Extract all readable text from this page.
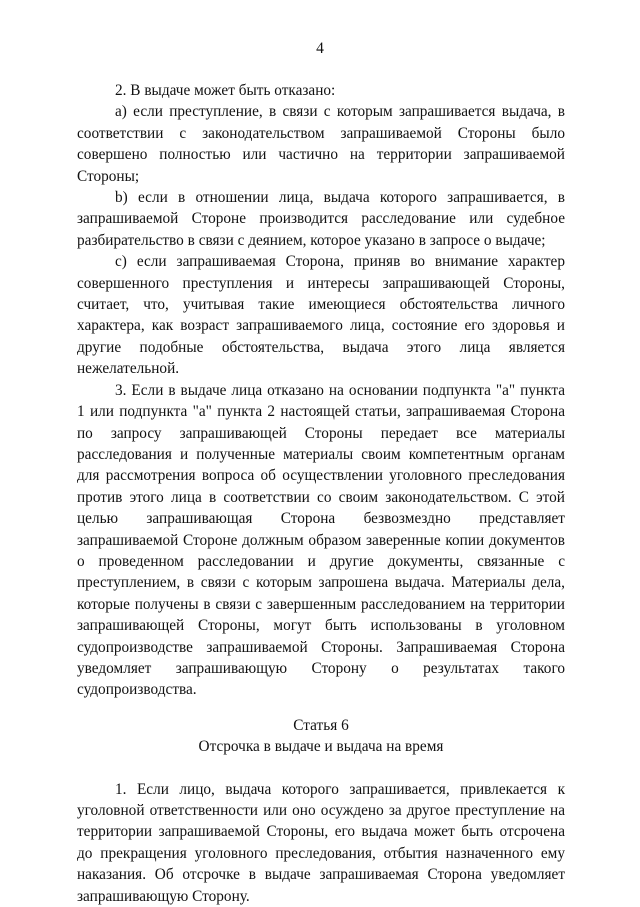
4

2. В выдаче может быть отказано:

a) если преступление, в связи с которым запрашивается выдача, в соответствии с законодательством запрашиваемой Стороны было совершено полностью или частично на территории запрашиваемой Стороны;

b) если в отношении лица, выдача которого запрашивается, в запрашиваемой Стороне производится расследование или судебное разбирательство в связи с деянием, которое указано в запросе о выдаче;

c) если запрашиваемая Сторона, приняв во внимание характер совершенного преступления и интересы запрашивающей Стороны, считает, что, учитывая такие имеющиеся обстоятельства личного характера, как возраст запрашиваемого лица, состояние его здоровья и другие подобные обстоятельства, выдача этого лица является нежелательной.

3. Если в выдаче лица отказано на основании подпункта "а" пункта 1 или подпункта "а" пункта 2 настоящей статьи, запрашиваемая Сторона по запросу запрашивающей Стороны передает все материалы расследования и полученные материалы своим компетентным органам для рассмотрения вопроса об осуществлении уголовного преследования против этого лица в соответствии со своим законодательством. С этой целью запрашивающая Сторона безвозмездно представляет запрашиваемой Стороне должным образом заверенные копии документов о проведенном расследовании и другие документы, связанные с преступлением, в связи с которым запрошена выдача. Материалы дела, которые получены в связи с завершенным расследованием на территории запрашивающей Стороны, могут быть использованы в уголовном судопроизводстве запрашиваемой Стороны. Запрашиваемая Сторона уведомляет запрашивающую Сторону о результатах такого судопроизводства.

Статья 6

Отсрочка в выдаче и выдача на время

1. Если лицо, выдача которого запрашивается, привлекается к уголовной ответственности или оно осуждено за другое преступление на территории запрашиваемой Стороны, его выдача может быть отсрочена до прекращения уголовного преследования, отбытия назначенного ему наказания. Об отсрочке в выдаче запрашиваемая Сторона уведомляет запрашивающую Сторону.
